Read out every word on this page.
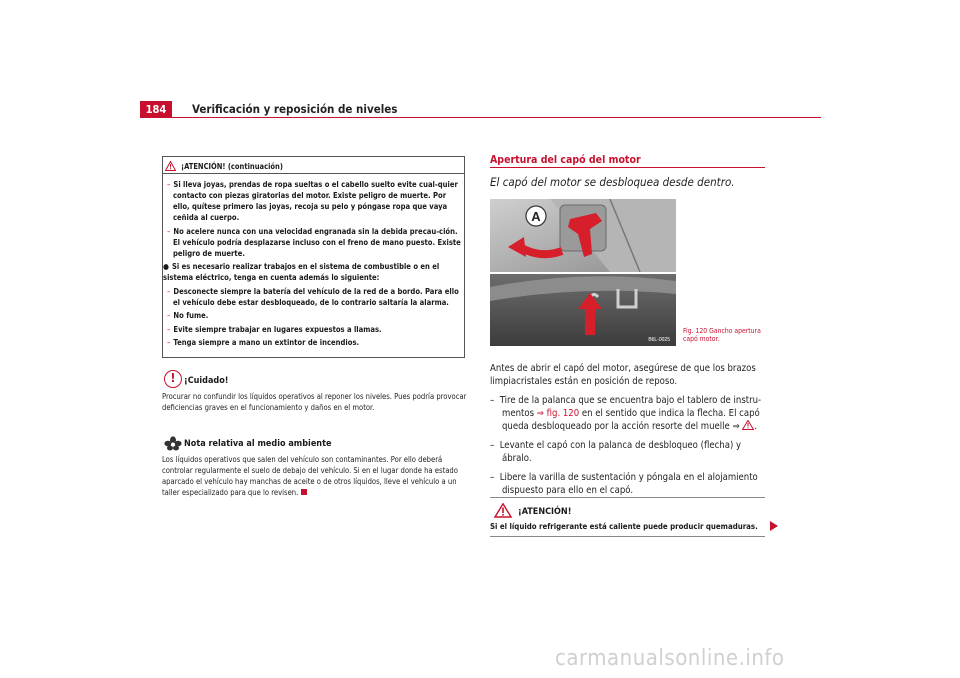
184	Verificación y reposición de niveles
¡ATENCIÓN! (continuación)

– Si lleva joyas, prendas de ropa sueltas o el cabello suelto evite cual-quier contacto con piezas giratorias del motor. Existe peligro de muerte. Por ello, quítese primero las joyas, recoja su pelo y póngase ropa que vaya ceñida al cuerpo.

– No acelere nunca con una velocidad engranada sin la debida precau-ción. El vehículo podría desplazarse incluso con el freno de mano puesto. Existe peligro de muerte.

● Si es necesario realizar trabajos en el sistema de combustible o en el sistema eléctrico, tenga en cuenta además lo siguiente:

– Desconecte siempre la batería del vehículo de la red de a bordo. Para ello el vehículo debe estar desbloqueado, de lo contrario saltaría la alarma.

– No fume.

– Evite siempre trabajar en lugares expuestos a llamas.

– Tenga siempre a mano un extintor de incendios.

! ¡Cuidado!
Procurar no confundir los líquidos operativos al reponer los niveles. Pues podría provocar deficiencias graves en el funcionamiento y daños en el motor.
Nota relativa al medio ambiente
Los líquidos operativos que salen del vehículo son contaminantes. Por ello deberá controlar regularmente el suelo de debajo del vehículo. Si en el lugar donde ha estado aparcado el vehículo hay manchas de aceite o de otros líquidos, lleve el vehículo a un taller especializado para que lo revisen.
Apertura del capó del motor
El capó del motor se desbloquea desde dentro.
A
B6L-0025
Fig. 120 Gancho apertura
capó motor.

Antes de abrir el capó del motor, asegúrese de que los brazos limpiacristales están en posición de reposo.

– Tire de la palanca que se encuentra bajo el tablero de instru-mentos ⇒ fig. 120 en el sentido que indica la flecha. El capó queda desbloqueado por la acción resorte del muelle ⇒ .

– Levante el capó con la palanca de desbloqueo (flecha) y ábralo.

– Libere la varilla de sustentación y póngala en el alojamiento dispuesto para ello en el capó.

¡ATENCIÓN!
Si el líquido refrigerante está caliente puede producir quemaduras.
carmanualsonline.info
